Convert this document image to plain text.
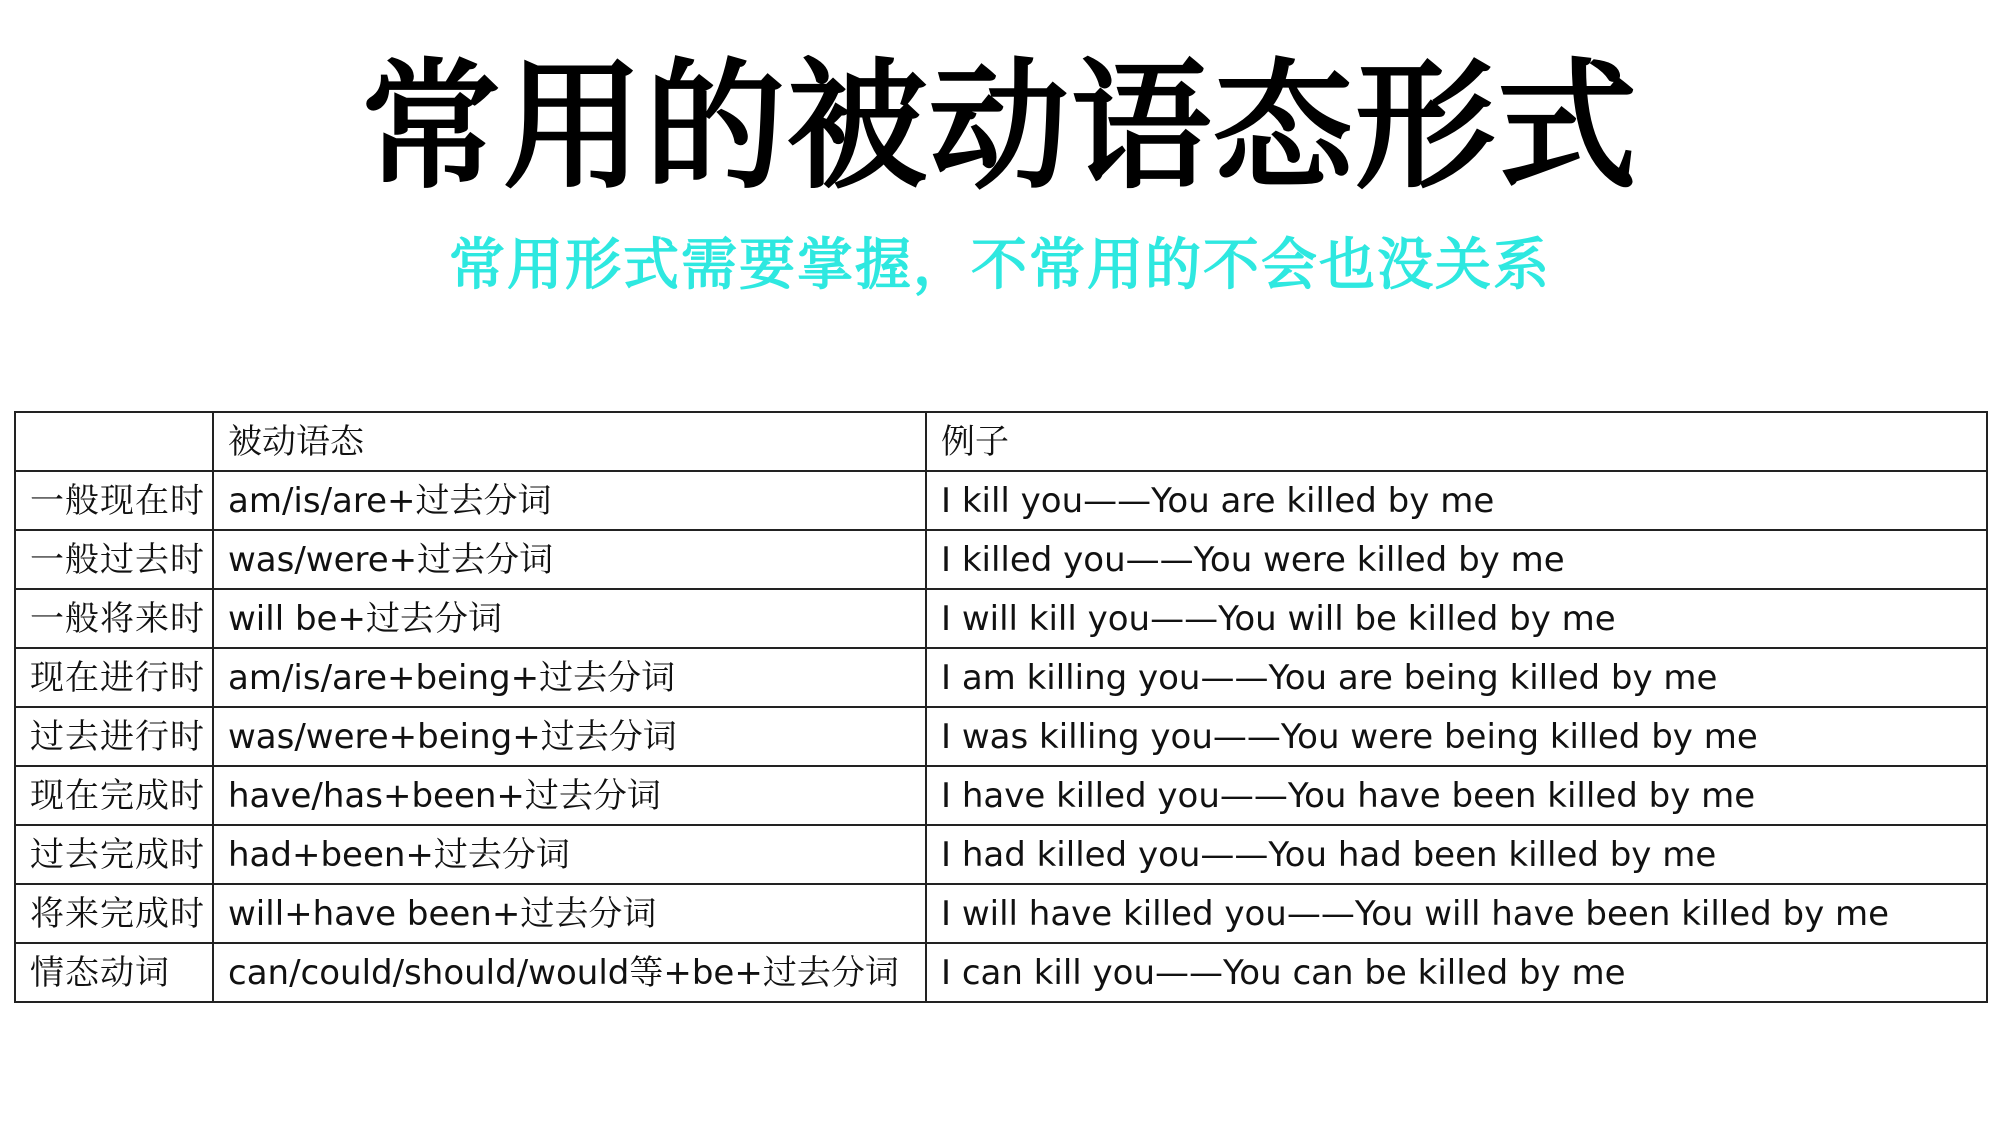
常用的被动语态形式
常用形式需要掌握，不常用的不会也没关系
	被动语态	例子
一般现在时	am/is/are+过去分词	I kill you——You are killed by me
一般过去时	was/were+过去分词	I killed you——You were killed by me
一般将来时	will be+过去分词	I will kill you——You will be killed by me
现在进行时	am/is/are+being+过去分词	I am killing you——You are being killed by me
过去进行时	was/were+being+过去分词	I was killing you——You were being killed by me
现在完成时	have/has+been+过去分词	I have killed you——You have been killed by me
过去完成时	had+been+过去分词	I had killed you——You had been killed by me
将来完成时	will+have been+过去分词	I will have killed you——You will have been killed by me
情态动词	can/could/should/would等+be+过去分词	I can kill you——You can be killed by me
